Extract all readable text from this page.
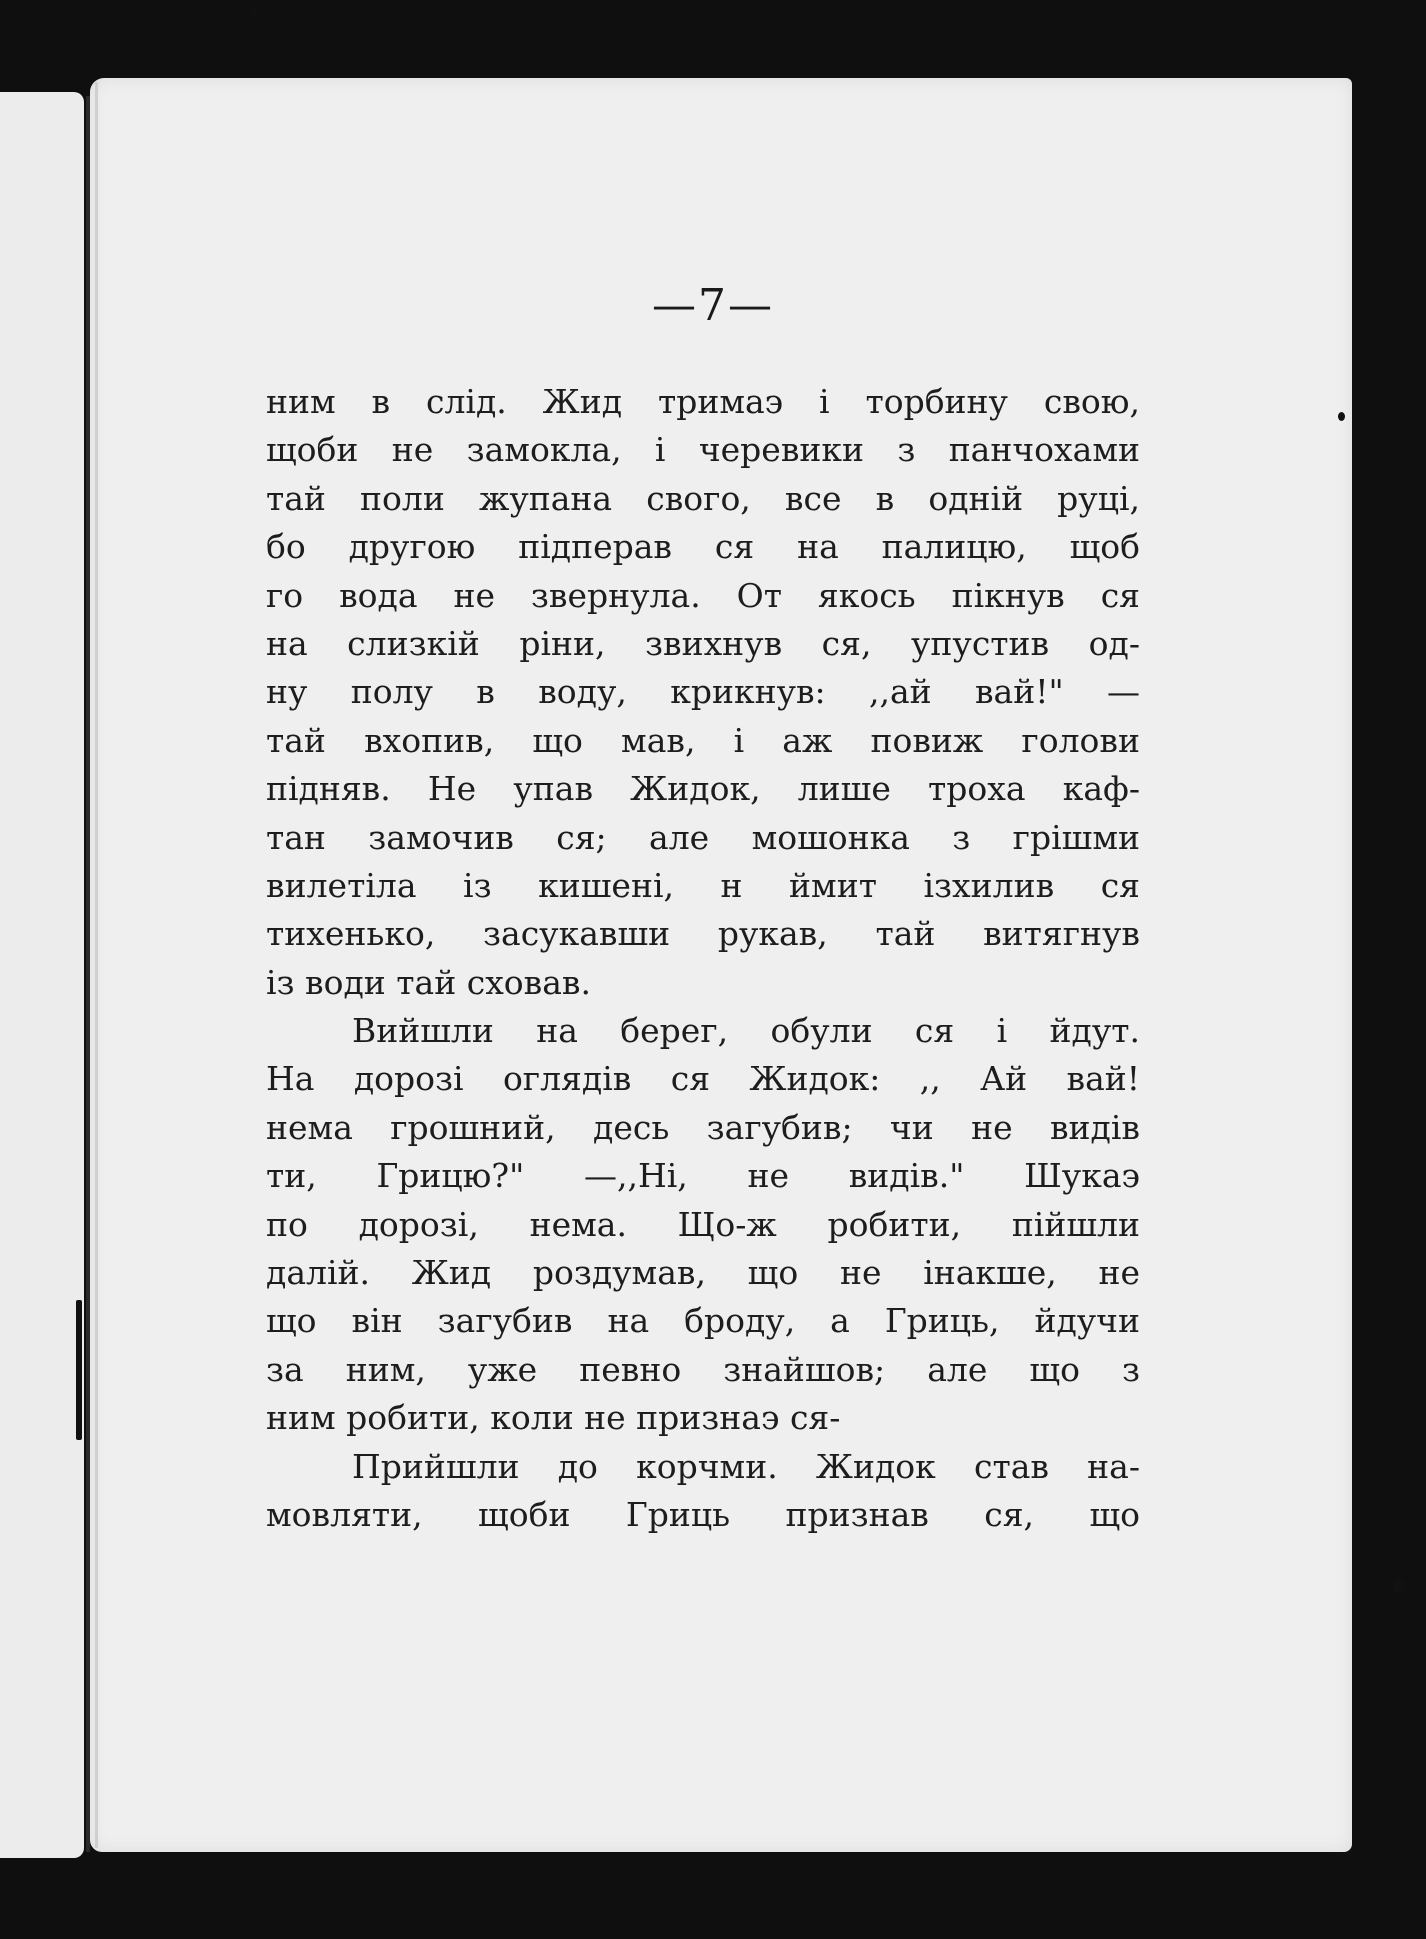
—7—
ним в слід. Жид тримаэ і торбину свою,
щоби не замокла, і черевики з панчохами
тай поли жупана свого, все в одній руці,
бо другою підперав ся на палицю, щоб
го вода не звернула. От якось пікнув ся
на слизкій ріни, звихнув ся, упустив од-
ну полу в воду, крикнув: ,,ай вай!" —
тай вхопив, що мав, і аж повиж голови
підняв. Не упав Жидок, лише троха каф-
тан замочив ся; але мошонка з грішми
вилетіла із кишені, н ймит ізхилив ся
тихенько, засукавши рукав, тай витягнув
із води тай сховав.
Вийшли на берег, обули ся і йдут.
На дорозі оглядів ся Жидок: ,, Ай вай!
нема грошний, десь загубив; чи не видів
ти, Грицю?" —,,Ні, не видів." Шукаэ
по дорозі, нема. Що-ж робити, пійшли
далій. Жид роздумав, що не інакше, не
що він загубив на броду, а Гриць, йдучи
за ним, уже певно знайшов; але що з
ним робити, коли не признаэ ся-
Прийшли до корчми. Жидок став на-
мовляти, щоби Гриць признав ся, що
